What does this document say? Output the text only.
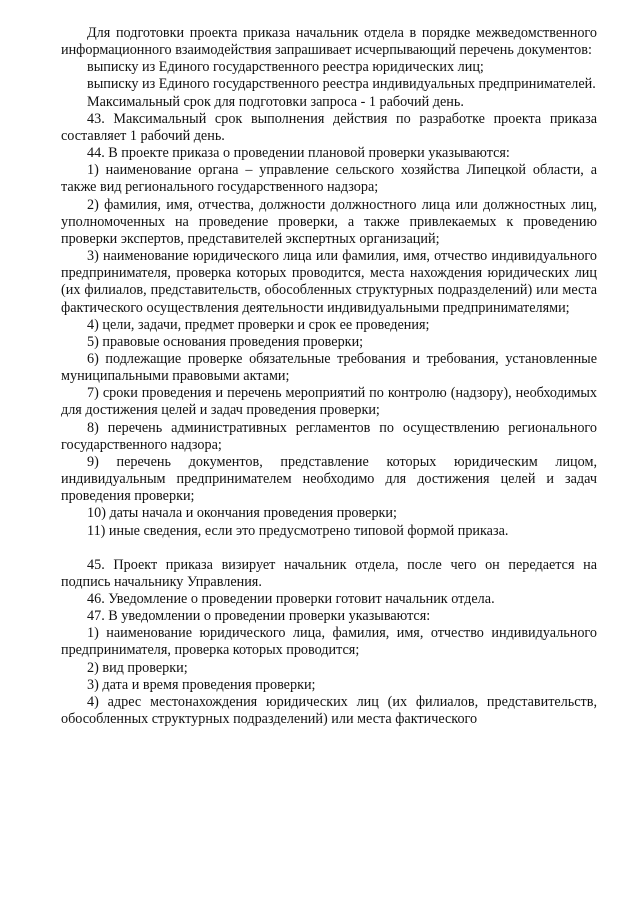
Для подготовки проекта приказа начальник отдела в порядке межведомственного информационного взаимодействия запрашивает исчерпывающий перечень документов:

выписку из Единого государственного реестра юридических лиц;

выписку из Единого государственного реестра индивидуальных предпринимателей.

Максимальный срок для подготовки запроса - 1 рабочий день.

43. Максимальный срок выполнения действия по разработке проекта приказа составляет 1 рабочий день.

44. В проекте приказа о проведении плановой проверки указываются:

1) наименование органа – управление сельского хозяйства Липецкой области, а также вид регионального государственного надзора;

2) фамилия, имя, отчества, должности должностного лица или должностных лиц, уполномоченных на проведение проверки, а также привлекаемых к проведению проверки экспертов, представителей экспертных организаций;

3) наименование юридического лица или фамилия, имя, отчество индивидуального предпринимателя, проверка которых проводится, места нахождения юридических лиц (их филиалов, представительств, обособленных структурных подразделений) или места фактического осуществления деятельности индивидуальными предпринимателями;

4) цели, задачи, предмет проверки и срок ее проведения;

5) правовые основания проведения проверки;

6) подлежащие проверке обязательные требования и требования, установленные муниципальными правовыми актами;

7) сроки проведения и перечень мероприятий по контролю (надзору), необходимых для достижения целей и задач проведения проверки;

8) перечень административных регламентов по осуществлению регионального государственного надзора;

9) перечень документов, представление которых юридическим лицом, индивидуальным предпринимателем необходимо для достижения целей и задач проведения проверки;

10) даты начала и окончания проведения проверки;

11) иные сведения, если это предусмотрено типовой формой приказа.

45. Проект приказа визирует начальник отдела, после чего он передается на подпись начальнику Управления.

46. Уведомление о проведении проверки готовит начальник отдела.

47. В уведомлении о проведении проверки указываются:

1) наименование юридического лица, фамилия, имя, отчество индивидуального предпринимателя, проверка которых проводится;

2) вид проверки;

3) дата и время проведения проверки;

4) адрес местонахождения юридических лиц (их филиалов, представительств, обособленных структурных подразделений) или места фактического
